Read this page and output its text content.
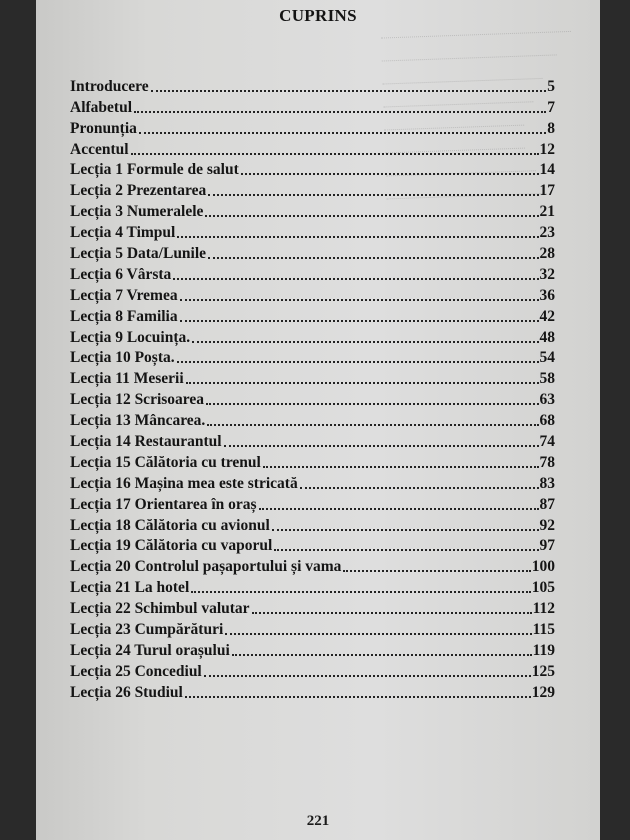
CUPRINS
Introducere	5
Alfabetul	7
Pronunția	8
Accentul	12
Lecția 1 Formule de salut	14
Lecția 2 Prezentarea	17
Lecția 3 Numeralele	21
Lecția 4 Timpul	23
Lecția 5 Data/Lunile	28
Lecția 6 Vârsta	32
Lecția 7 Vremea	36
Lecția 8 Familia	42
Lecția 9 Locuința.	48
Lecția 10 Poșta.	54
Lecția 11 Meserii	58
Lecția 12 Scrisoarea	63
Lecția 13 Mâncarea.	68
Lecția 14 Restaurantul	74
Lecția 15 Călătoria cu trenul	78
Lecția 16 Mașina mea este stricată	83
Lecția 17 Orientarea în oraș	87
Lecția 18 Călătoria cu avionul	92
Lecția 19 Călătoria cu vaporul	97
Lecția 20 Controlul pașaportului și vama	100
Lecția 21 La hotel	105
Lecția 22 Schimbul valutar	112
Lecția 23 Cumpărături	115
Lecția 24 Turul orașului	119
Lecția 25 Concediul	125
Lecția 26 Studiul	129
221
